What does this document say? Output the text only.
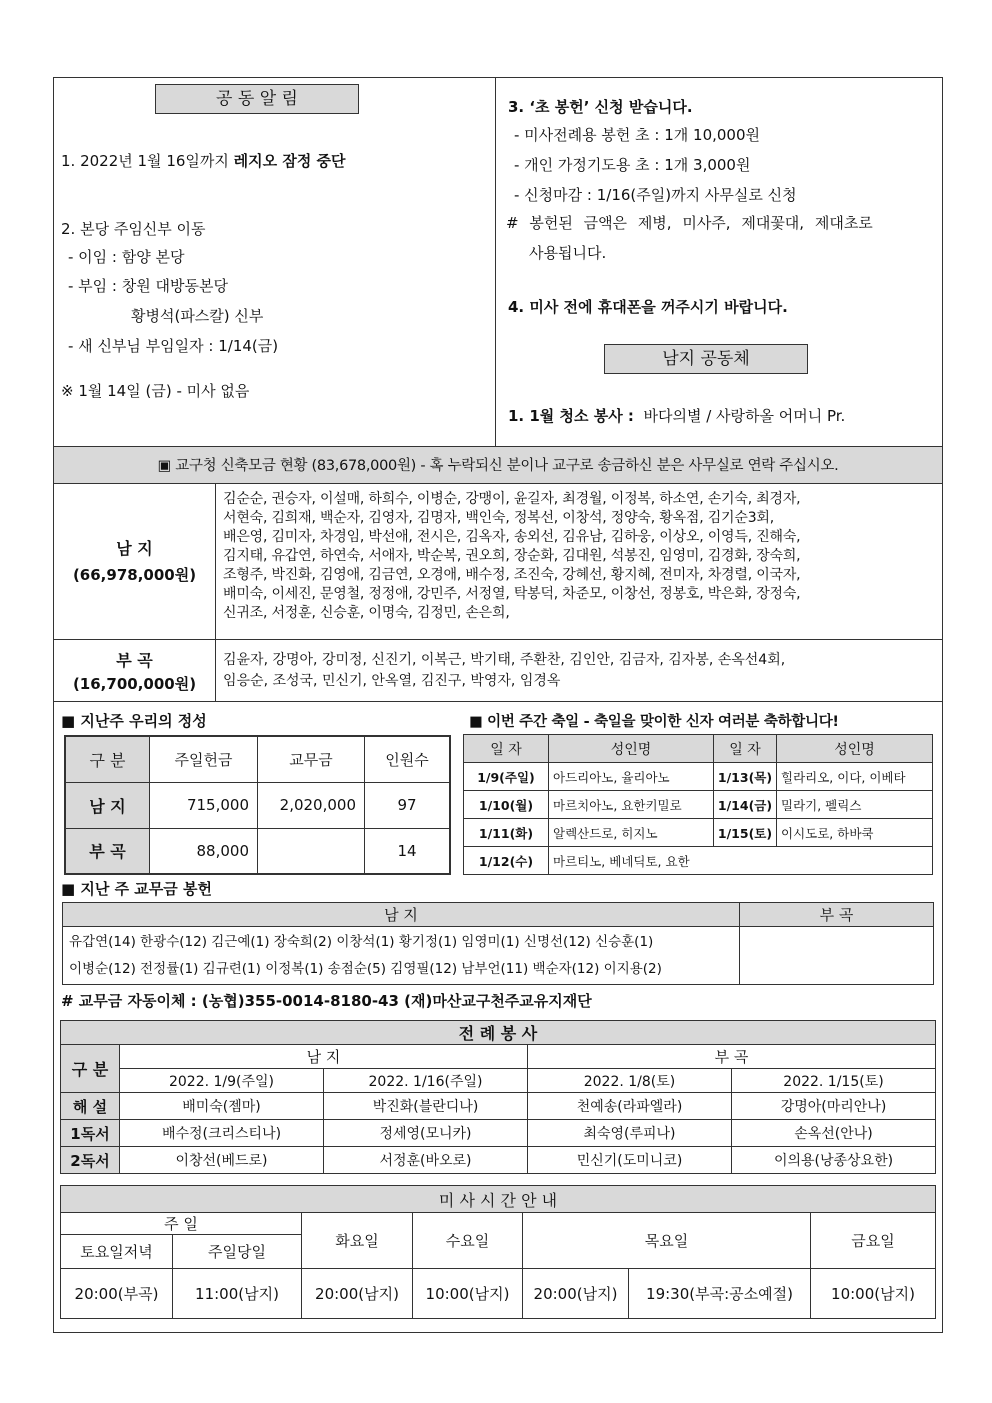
공 동 알 림
1. 2022년 1월 16일까지 레지오 잠정 중단
2. 본당 주임신부 이동
- 이임 : 함양 본당
- 부임 : 창원 대방동본당
황병석(파스칼) 신부
- 새 신부님 부임일자 : 1/14(금)
※ 1월 14일 (금) - 미사 없음
3. ‘초 봉헌’ 신청 받습니다.
- 미사전례용 봉헌 초 : 1개 10,000원
- 개인 가정기도용 초 : 1개 3,000원
- 신청마감 : 1/16(주일)까지 사무실로 신청
# 봉헌된 금액은 제병, 미사주, 제대꽃대, 제대초로
사용됩니다.
4. 미사 전에 휴대폰을 꺼주시기 바랍니다.
남지 공동체
1. 1월 청소 봉사 : 바다의별 / 사랑하올 어머니 Pr.
▣ 교구청 신축모금 현황 (83,678,000원) - 혹 누락되신 분이나 교구로 송금하신 분은 사무실로 연락 주십시오.
남 지
(66,978,000원)
김순순, 권승자, 이설매, 하희수, 이병순, 강맹이, 윤길자, 최경월, 이정복, 하소연, 손기숙, 최경자,
서현숙, 김희재, 백순자, 김영자, 김명자, 백인숙, 정복선, 이창석, 정양숙, 황옥점, 김기순3회,
배은영, 김미자, 차경임, 박선애, 전시은, 김옥자, 송외선, 김유남, 김하웅, 이상오, 이영득, 진해숙,
김지태, 유갑연, 하연숙, 서애자, 박순복, 권오희, 장순화, 김대원, 석봉진, 임영미, 김경화, 장숙희,
조형주, 박진화, 김영애, 김금연, 오경애, 배수정, 조진숙, 강혜선, 황지혜, 전미자, 차경렬, 이국자,
배미숙, 이세진, 문영철, 정정애, 강민주, 서정열, 탁봉덕, 차준모, 이창선, 정봉호, 박은화, 장정숙,
신귀조, 서정훈, 신승훈, 이명숙, 김정민, 손은희,
부 곡
(16,700,000원)
김윤자, 강명아, 강미정, 신진기, 이복근, 박기태, 주환찬, 김인안, 김금자, 김자봉, 손옥선4회,
임응순, 조성국, 민신기, 안옥열, 김진구, 박영자, 임경옥
■ 지난주 우리의 정성
구 분	주일헌금	교무금	인원수
남 지	715,000	2,020,000	97
부 곡	88,000		14
■ 이번 주간 축일 - 축일을 맞이한 신자 여러분 축하합니다!
일 자	성인명	일 자	성인명
1/9(주일)	아드리아노, 율리아노	1/13(목)	힐라리오, 이다, 이베타
1/10(월)	마르치아노, 요한키밀로	1/14(금)	밀라기, 펠릭스
1/11(화)	알렉산드로, 히지노	1/15(토)	이시도로, 하바쿡
1/12(수)	마르티노, 베네딕토, 요한		
■ 지난 주 교무금 봉헌
남 지	부 곡

유갑연(14) 한광수(12) 김근예(1) 장숙희(2) 이창석(1) 황기정(1) 임영미(1) 신명선(12) 신승훈(1)
이병순(12) 전정률(1) 김규련(1) 이정복(1) 송점순(5) 김영필(12) 남부언(11) 백순자(12) 이지용(2)	

# 교무금 자동이체 : (농협)355-0014-8180-43 (재)마산교구천주교유지재단
전 례 봉 사				
구 분	남 지		부 곡	
	2022. 1/9(주일)	2022. 1/16(주일)	2022. 1/8(토)	2022. 1/15(토)
해 설	배미숙(젬마)	박진화(블란디나)	천예송(라파엘라)	강명아(마리안나)
1독서	배수정(크리스티나)	정세영(모니카)	최숙영(루피나)	손옥선(안나)
2독서	이창선(베드로)	서정훈(바오로)	민신기(도미니코)	이의용(낭종상요한)
미 사 시 간 안 내						
주 일		화요일	수요일	목요일		금요일
토요일저녁	주일당일					
20:00(부곡)	11:00(남지)	20:00(남지)	10:00(남지)	20:00(남지)	19:30(부곡:공소예절)	10:00(남지)
